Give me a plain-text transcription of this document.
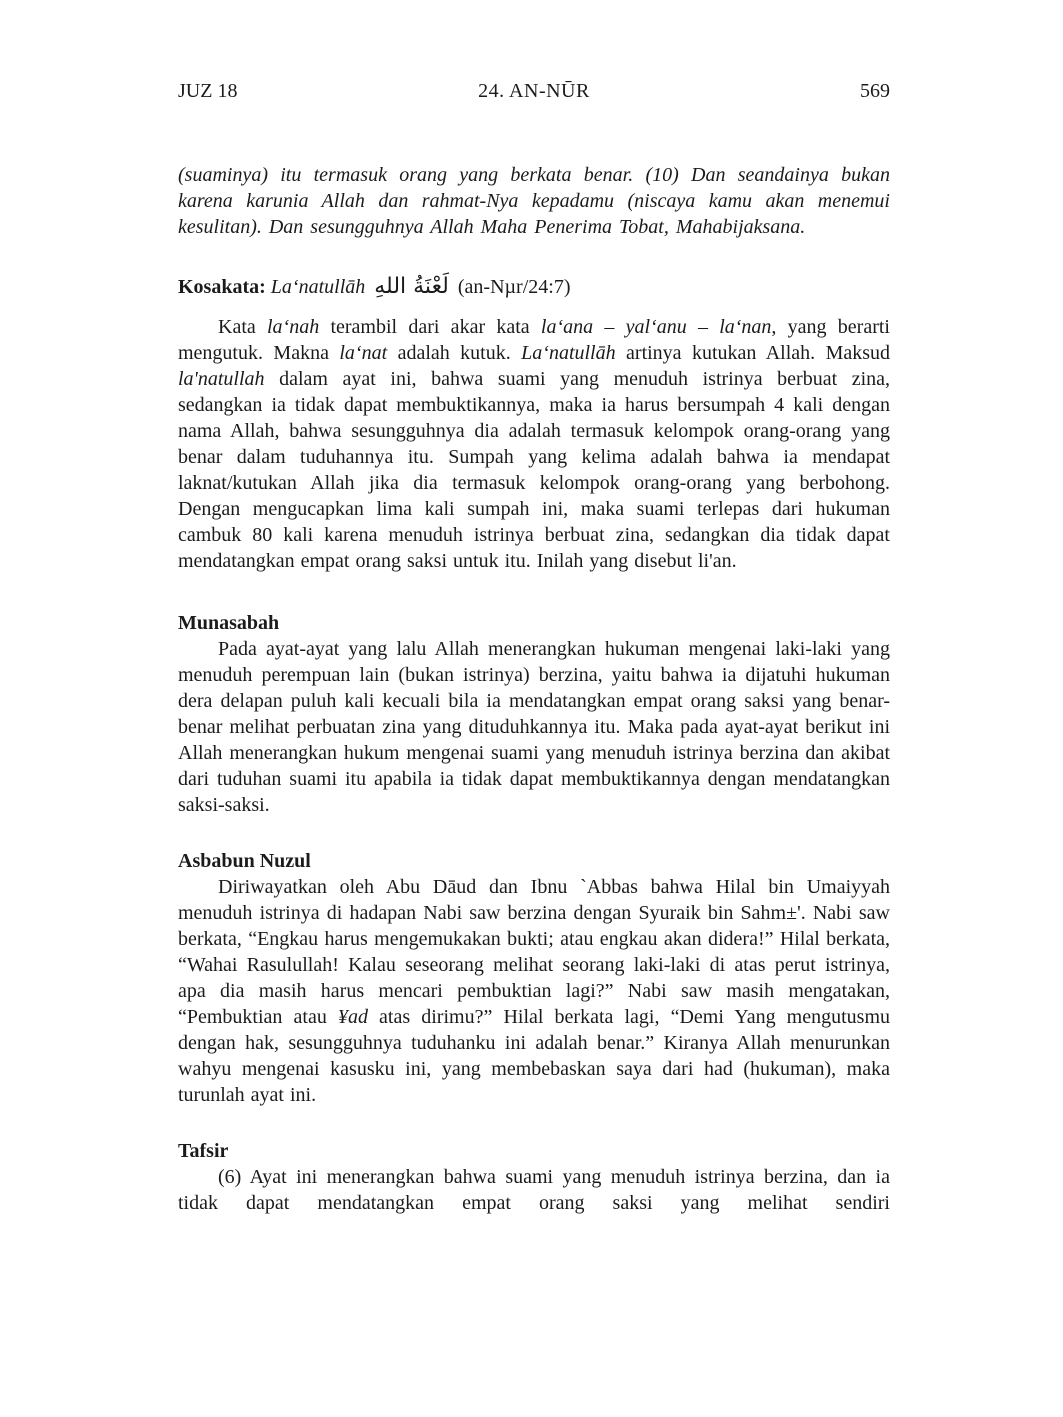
JUZ 18	24. AN-NŪR	569

(suaminya) itu termasuk orang yang berkata benar. (10) Dan seandainya bukan karena karunia Allah dan rahmat-Nya kepadamu (niscaya kamu akan menemui kesulitan). Dan sesungguhnya Allah Maha Penerima Tobat, Mahabijaksana.

Kosakata: La‘natullāh لَعْنَةُ اللهِ (an-Nµr/24:7)

Kata la‘nah terambil dari akar kata la‘ana – yal‘anu – la‘nan, yang berarti mengutuk. Makna la‘nat adalah kutuk. La‘natullāh artinya kutukan Allah. Maksud la'natullah dalam ayat ini, bahwa suami yang menuduh istrinya berbuat zina, sedangkan ia tidak dapat membuktikannya, maka ia harus bersumpah 4 kali dengan nama Allah, bahwa sesungguhnya dia adalah termasuk kelompok orang-orang yang benar dalam tuduhannya itu. Sumpah yang kelima adalah bahwa ia mendapat laknat/kutukan Allah jika dia termasuk kelompok orang-orang yang berbohong. Dengan mengucapkan lima kali sumpah ini, maka suami terlepas dari hukuman cambuk 80 kali karena menuduh istrinya berbuat zina, sedangkan dia tidak dapat mendatangkan empat orang saksi untuk itu. Inilah yang disebut li'an.

Munasabah

Pada ayat-ayat yang lalu Allah menerangkan hukuman mengenai laki-laki yang menuduh perempuan lain (bukan istrinya) berzina, yaitu bahwa ia dijatuhi hukuman dera delapan puluh kali kecuali bila ia mendatangkan empat orang saksi yang benar-benar melihat perbuatan zina yang dituduhkannya itu. Maka pada ayat-ayat berikut ini Allah menerangkan hukum mengenai suami yang menuduh istrinya berzina dan akibat dari tuduhan suami itu apabila ia tidak dapat membuktikannya dengan mendatangkan saksi-saksi.

Asbabun Nuzul

Diriwayatkan oleh Abu Dāud dan Ibnu `Abbas bahwa Hilal bin Umaiyyah menuduh istrinya di hadapan Nabi saw berzina dengan Syuraik bin Sahm±'. Nabi saw berkata, “Engkau harus mengemukakan bukti; atau engkau akan didera!” Hilal berkata, “Wahai Rasulullah! Kalau seseorang melihat seorang laki-laki di atas perut istrinya, apa dia masih harus mencari pembuktian lagi?” Nabi saw masih mengatakan, “Pembuktian atau ¥ad atas dirimu?” Hilal berkata lagi, “Demi Yang mengutusmu dengan hak, sesungguhnya tuduhanku ini adalah benar.” Kiranya Allah menurunkan wahyu mengenai kasusku ini, yang membebaskan saya dari had (hukuman), maka turunlah ayat ini.

Tafsir

(6) Ayat ini menerangkan bahwa suami yang menuduh istrinya berzina, dan ia tidak dapat mendatangkan empat orang saksi yang melihat sendiri
